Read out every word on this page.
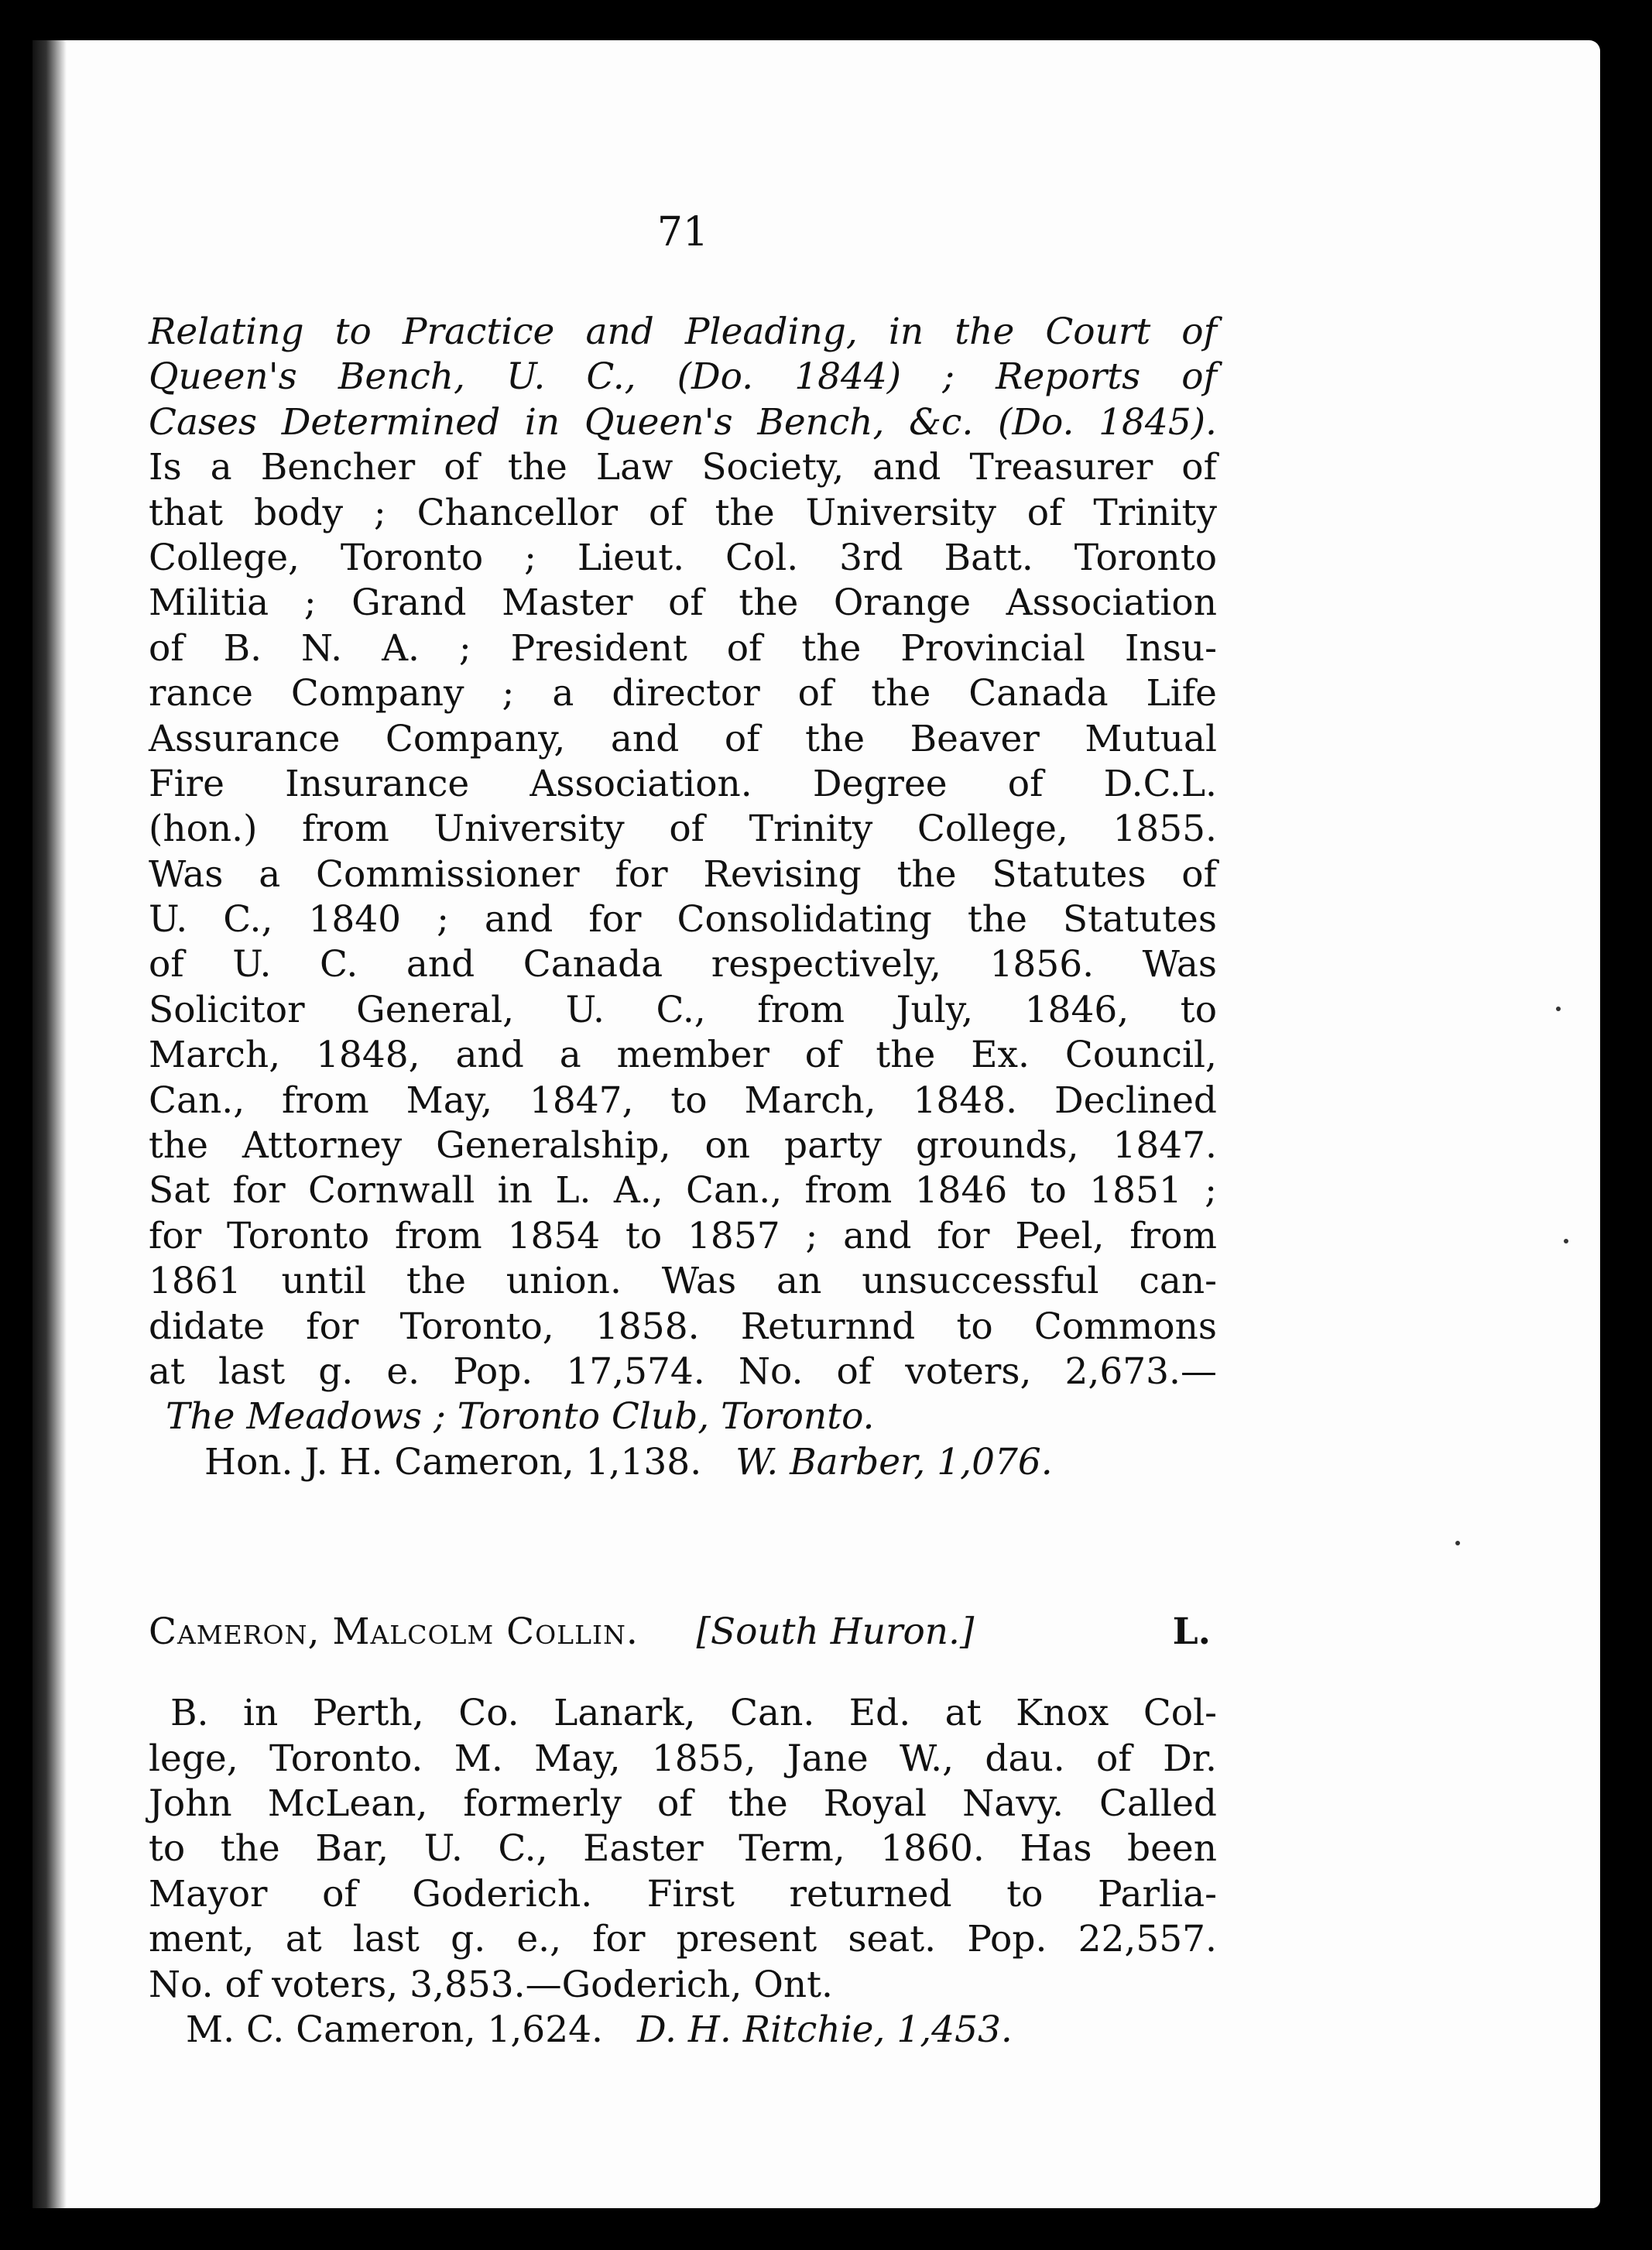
71
Relating to Practice and Pleading, in the Court of
Queen's Bench, U. C., (Do. 1844) ; Reports of
Cases Determined in Queen's Bench, &c. (Do. 1845).
Is a Bencher of the Law Society, and Treasurer of
that body ; Chancellor of the University of Trinity
College, Toronto ; Lieut. Col. 3rd Batt. Toronto
Militia ; Grand Master of the Orange Association
of B. N. A. ; President of the Provincial Insu-
rance Company ; a director of the Canada Life
Assurance Company, and of the Beaver Mutual
Fire Insurance Association. Degree of D.C.L.
(hon.) from University of Trinity College, 1855.
Was a Commissioner for Revising the Statutes of
U. C., 1840 ; and for Consolidating the Statutes
of U. C. and Canada respectively, 1856. Was
Solicitor General, U. C., from July, 1846, to
March, 1848, and a member of the Ex. Council,
Can., from May, 1847, to March, 1848. Declined
the Attorney Generalship, on party grounds, 1847.
Sat for Cornwall in L. A., Can., from 1846 to 1851 ;
for Toronto from 1854 to 1857 ; and for Peel, from
1861 until the union. Was an unsuccessful can-
didate for Toronto, 1858. Returnnd to Commons
at last g. e. Pop. 17,574. No. of voters, 2,673.—
The Meadows ; Toronto Club, Toronto.
Hon. J. H. Cameron, 1,138. W. Barber, 1,076.
Cameron, Malcolm Collin. [South Huron.]	L.
B. in Perth, Co. Lanark, Can. Ed. at Knox Col-
lege, Toronto. M. May, 1855, Jane W., dau. of Dr.
John McLean, formerly of the Royal Navy. Called
to the Bar, U. C., Easter Term, 1860. Has been
Mayor of Goderich. First returned to Parlia-
ment, at last g. e., for present seat. Pop. 22,557.
No. of voters, 3,853.—Goderich, Ont.
M. C. Cameron, 1,624. D. H. Ritchie, 1,453.
